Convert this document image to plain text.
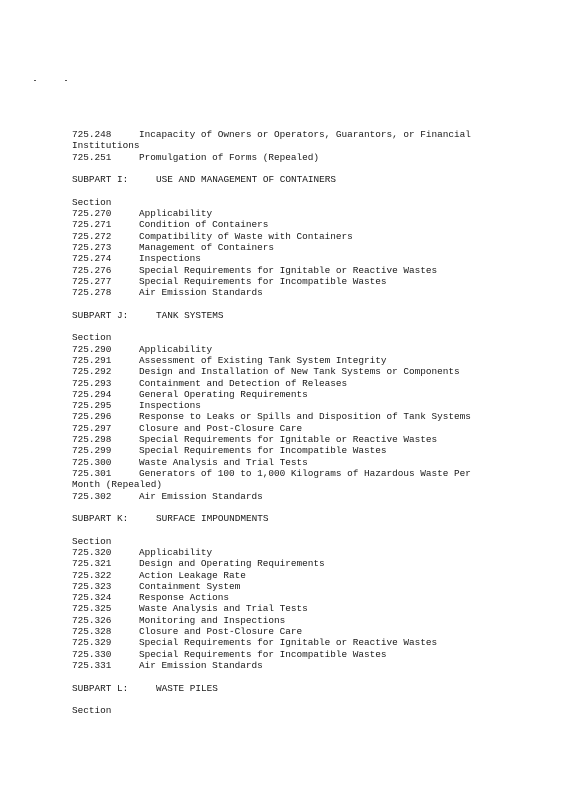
725.248	Incapacity of Owners or Operators, Guarantors, or Financial
Institutions
725.251	Promulgation of Forms (Repealed)
SUBPART I:	USE AND MANAGEMENT OF CONTAINERS
Section
725.270	Applicability
725.271	Condition of Containers
725.272	Compatibility of Waste with Containers
725.273	Management of Containers
725.274	Inspections
725.276	Special Requirements for Ignitable or Reactive Wastes
725.277	Special Requirements for Incompatible Wastes
725.278	Air Emission Standards
SUBPART J:	TANK SYSTEMS
Section
725.290	Applicability
725.291	Assessment of Existing Tank System Integrity
725.292	Design and Installation of New Tank Systems or Components
725.293	Containment and Detection of Releases
725.294	General Operating Requirements
725.295	Inspections
725.296	Response to Leaks or Spills and Disposition of Tank Systems
725.297	Closure and Post-Closure Care
725.298	Special Requirements for Ignitable or Reactive Wastes
725.299	Special Requirements for Incompatible Wastes
725.300	Waste Analysis and Trial Tests
725.301	Generators of 100 to 1,000 Kilograms of Hazardous Waste Per
Month (Repealed)
725.302	Air Emission Standards
SUBPART K:	SURFACE IMPOUNDMENTS
Section
725.320	Applicability
725.321	Design and Operating Requirements
725.322	Action Leakage Rate
725.323	Containment System
725.324	Response Actions
725.325	Waste Analysis and Trial Tests
725.326	Monitoring and Inspections
725.328	Closure and Post-Closure Care
725.329	Special Requirements for Ignitable or Reactive Wastes
725.330	Special Requirements for Incompatible Wastes
725.331	Air Emission Standards
SUBPART L:	WASTE PILES
Section
